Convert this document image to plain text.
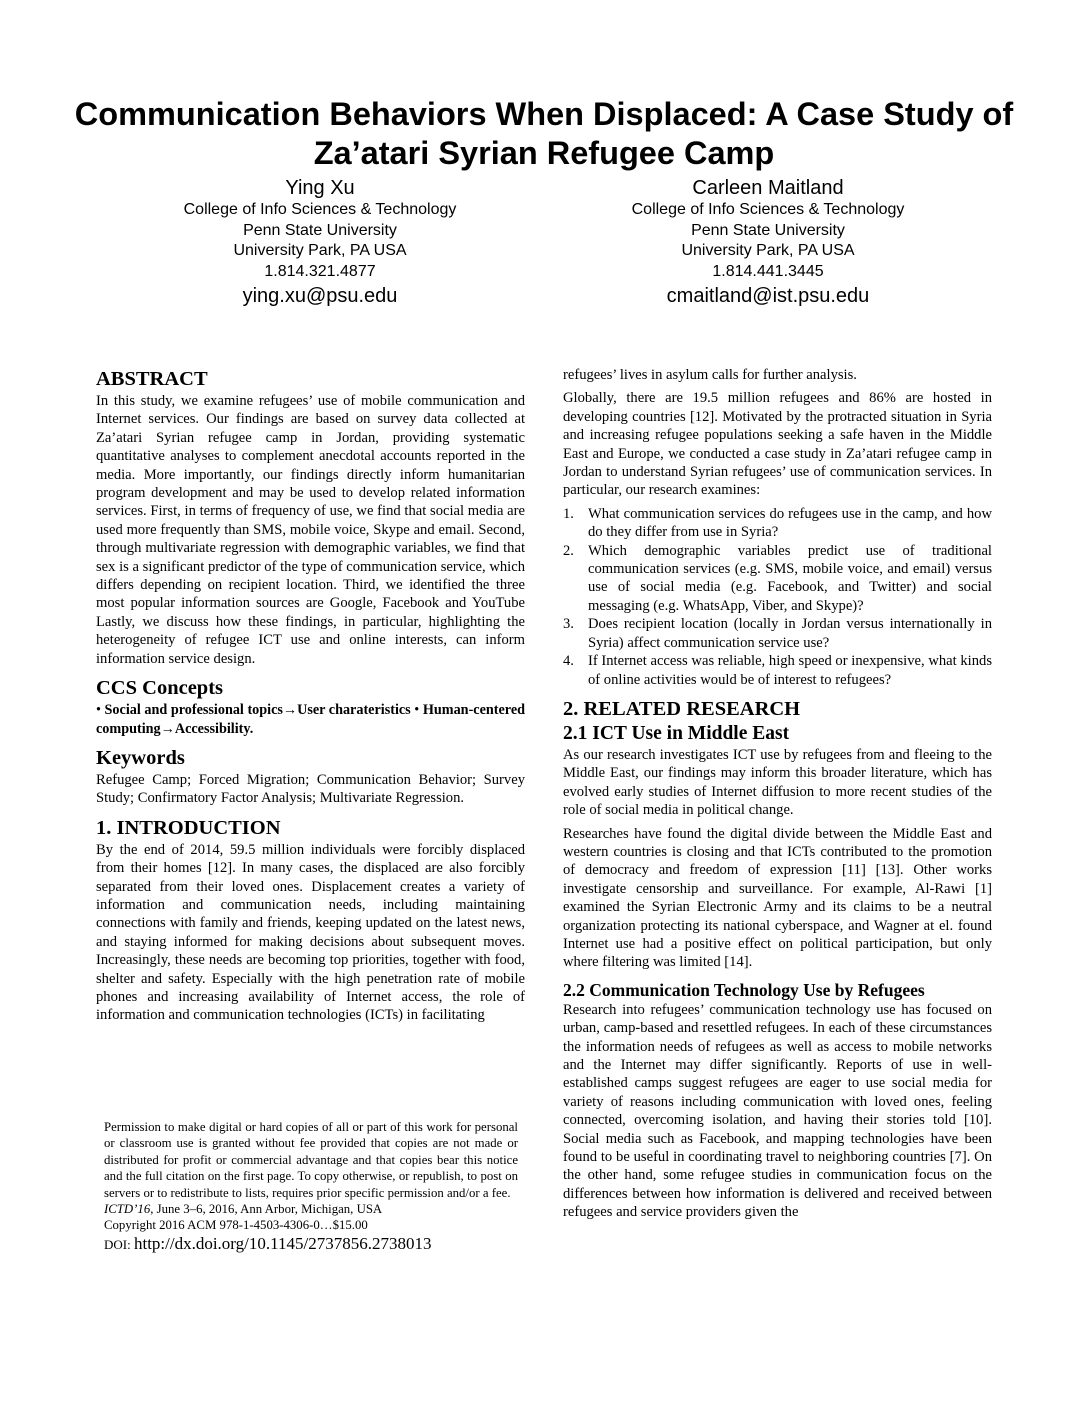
Communication Behaviors When Displaced: A Case Study of Za’atari Syrian Refugee Camp
Ying Xu
College of Info Sciences & Technology
Penn State University
University Park, PA USA
1.814.321.4877
ying.xu@psu.edu
Carleen Maitland
College of Info Sciences & Technology
Penn State University
University Park, PA USA
1.814.441.3445
cmaitland@ist.psu.edu
ABSTRACT

In this study, we examine refugees’ use of mobile communication and Internet services. Our findings are based on survey data collected at Za’atari Syrian refugee camp in Jordan, providing systematic quantitative analyses to complement anecdotal accounts reported in the media. More importantly, our findings directly inform humanitarian program development and may be used to develop related information services. First, in terms of frequency of use, we find that social media are used more frequently than SMS, mobile voice, Skype and email. Second, through multivariate regression with demographic variables, we find that sex is a significant predictor of the type of communication service, which differs depending on recipient location. Third, we identified the three most popular information sources are Google, Facebook and YouTube Lastly, we discuss how these findings, in particular, highlighting the heterogeneity of refugee ICT use and online interests, can inform information service design.

CCS Concepts

• Social and professional topics→User charateristics • Human-centered computing→Accessibility.

Keywords

Refugee Camp; Forced Migration; Communication Behavior; Survey Study; Confirmatory Factor Analysis; Multivariate Regression.

1. INTRODUCTION

By the end of 2014, 59.5 million individuals were forcibly displaced from their homes [12]. In many cases, the displaced are also forcibly separated from their loved ones. Displacement creates a variety of information and communication needs, including maintaining connections with family and friends, keeping updated on the latest news, and staying informed for making decisions about subsequent moves. Increasingly, these needs are becoming top priorities, together with food, shelter and safety. Especially with the high penetration rate of mobile phones and increasing availability of Internet access, the role of information and communication technologies (ICTs) in facilitating

Permission to make digital or hard copies of all or part of this work for personal or classroom use is granted without fee provided that copies are not made or distributed for profit or commercial advantage and that copies bear this notice and the full citation on the first page. To copy otherwise, or republish, to post on servers or to redistribute to lists, requires prior specific permission and/or a fee.

ICTD’16, June 3–6, 2016, Ann Arbor, Michigan, USA
Copyright 2016 ACM 978-1-4503-4306-0…$15.00
DOI: http://dx.doi.org/10.1145/2737856.2738013

refugees’ lives in asylum calls for further analysis.

Globally, there are 19.5 million refugees and 86% are hosted in developing countries [12]. Motivated by the protracted situation in Syria and increasing refugee populations seeking a safe haven in the Middle East and Europe, we conducted a case study in Za’atari refugee camp in Jordan to understand Syrian refugees’ use of communication services. In particular, our research examines:

1. What communication services do refugees use in the camp, and how do they differ from use in Syria?
2. Which demographic variables predict use of traditional communication services (e.g. SMS, mobile voice, and email) versus use of social media (e.g. Facebook, and Twitter) and social messaging (e.g. WhatsApp, Viber, and Skype)?
3. Does recipient location (locally in Jordan versus internationally in Syria) affect communication service use?
4. If Internet access was reliable, high speed or inexpensive, what kinds of online activities would be of interest to refugees?
2. RELATED RESEARCH
2.1 ICT Use in Middle East

As our research investigates ICT use by refugees from and fleeing to the Middle East, our findings may inform this broader literature, which has evolved early studies of Internet diffusion to more recent studies of the role of social media in political change.

Researches have found the digital divide between the Middle East and western countries is closing and that ICTs contributed to the promotion of democracy and freedom of expression [11] [13]. Other works investigate censorship and surveillance. For example, Al-Rawi [1] examined the Syrian Electronic Army and its claims to be a neutral organization protecting its national cyberspace, and Wagner at el. found Internet use had a positive effect on political participation, but only where filtering was limited [14].

2.2 Communication Technology Use by Refugees

Research into refugees’ communication technology use has focused on urban, camp-based and resettled refugees. In each of these circumstances the information needs of refugees as well as access to mobile networks and the Internet may differ significantly. Reports of use in well-established camps suggest refugees are eager to use social media for variety of reasons including communication with loved ones, feeling connected, overcoming isolation, and having their stories told [10]. Social media such as Facebook, and mapping technologies have been found to be useful in coordinating travel to neighboring countries [7]. On the other hand, some refugee studies in communication focus on the differences between how information is delivered and received between refugees and service providers given the
